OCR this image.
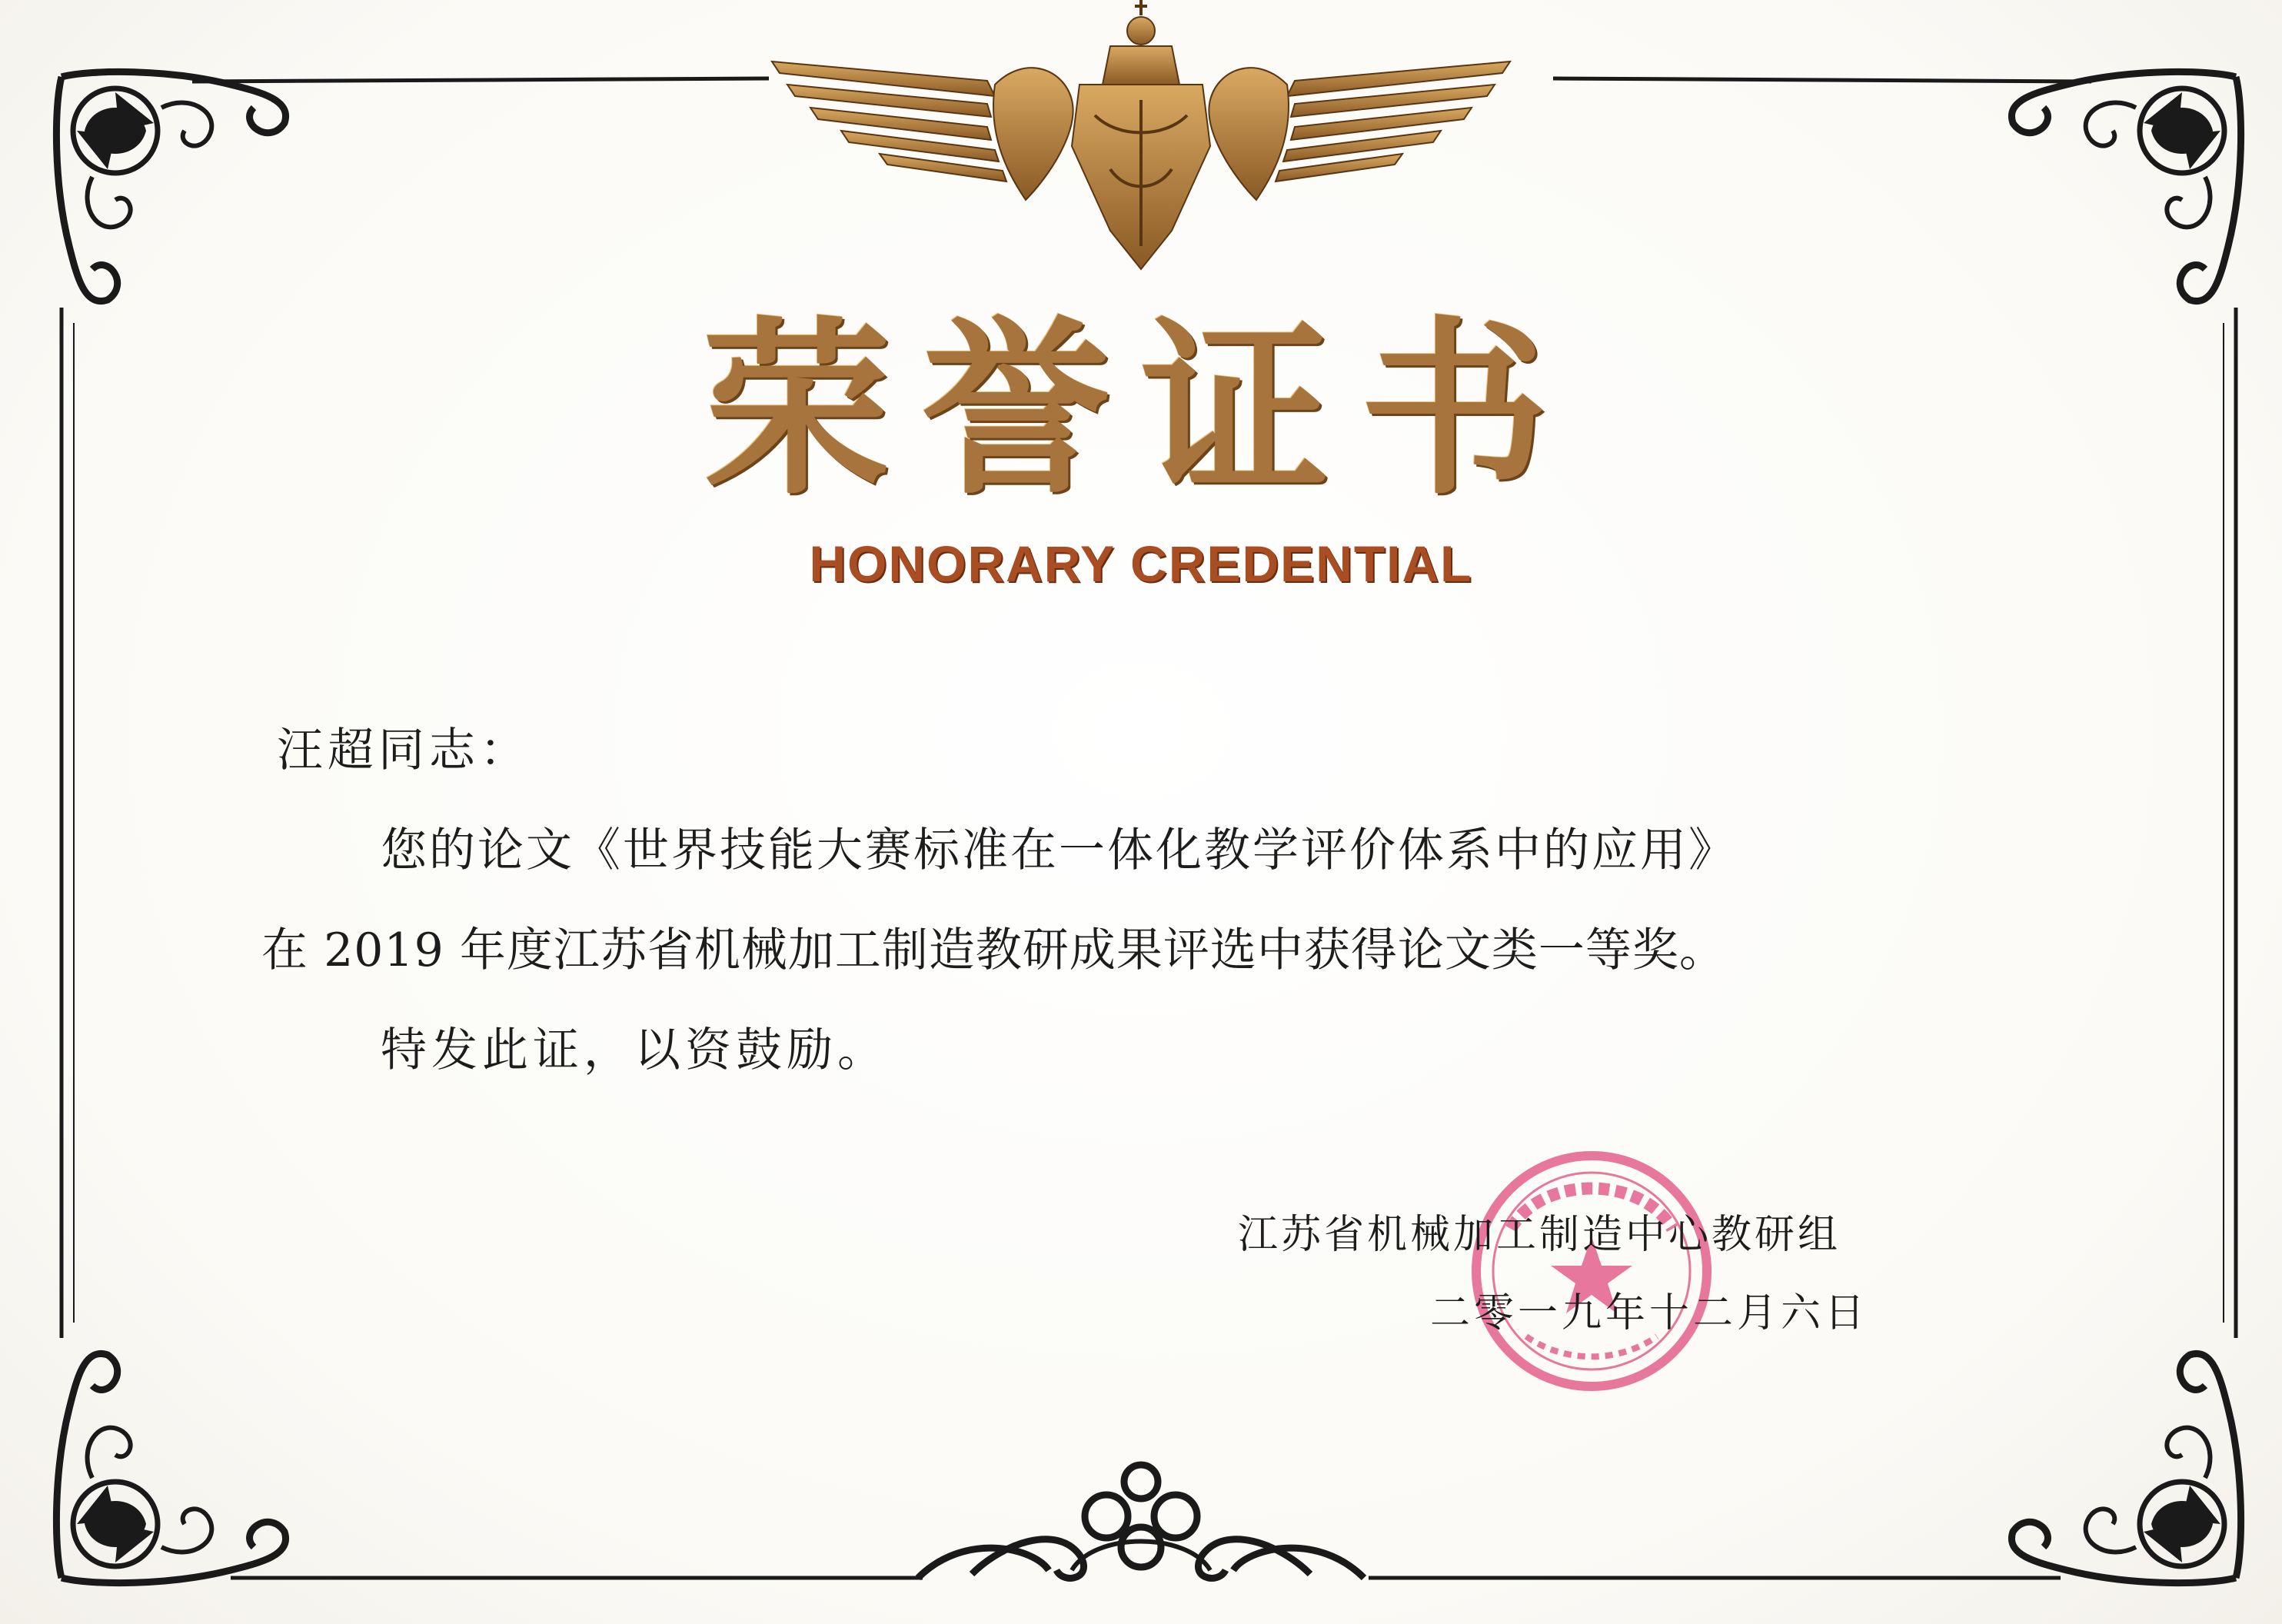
荣誉证书
HONORARY CREDENTIAL
汪超同志：
您的论文《世界技能大赛标准在一体化教学评价体系中的应用》
在 2019 年度江苏省机械加工制造教研成果评选中获得论文类一等奖。
特发此证，以资鼓励。
江苏省机械加工制造中心教研组
二零一九年十二月六日
